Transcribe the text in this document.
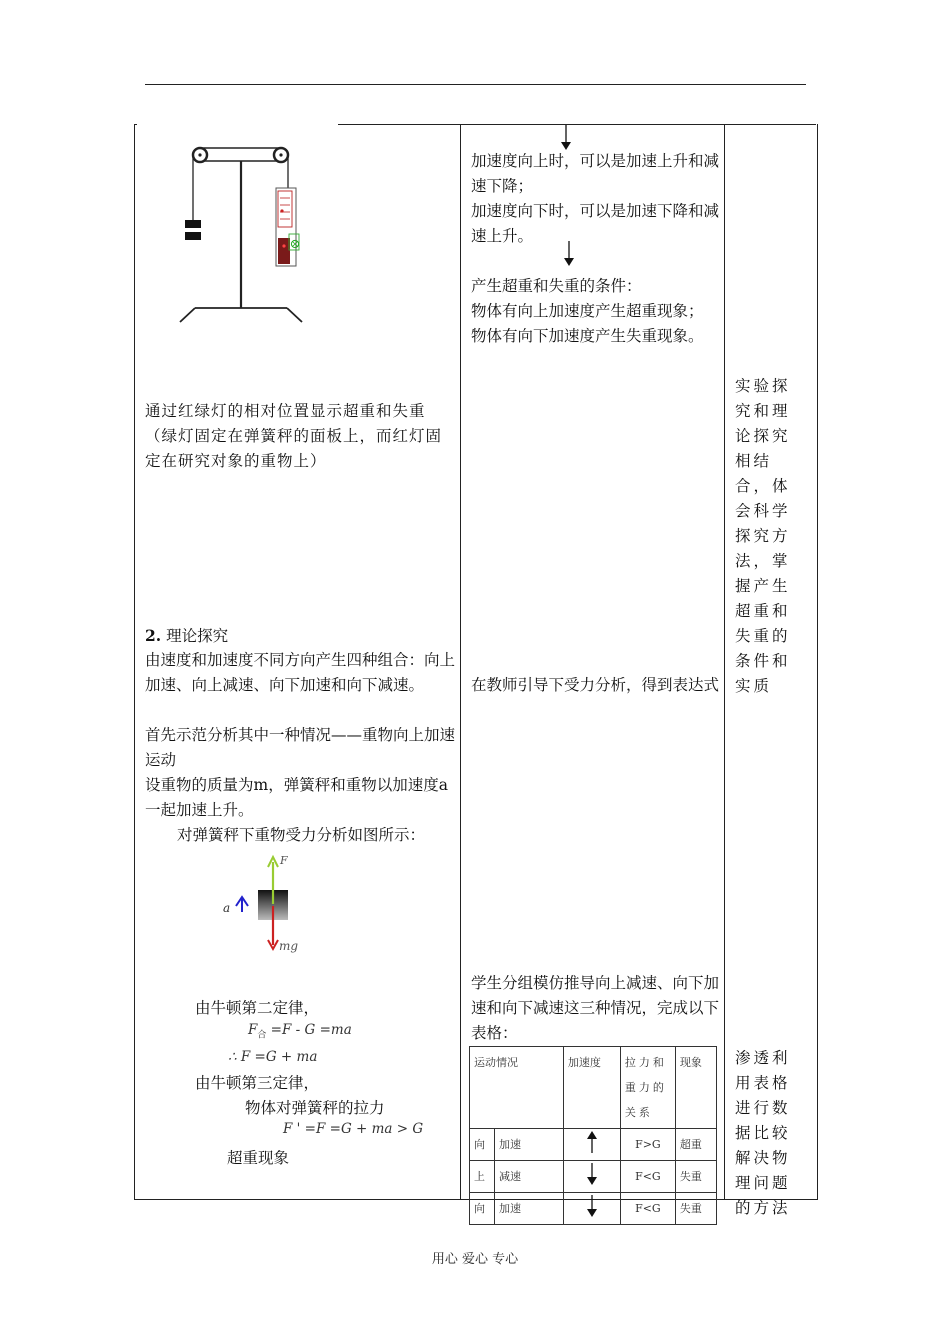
加速度向上时，可以是加速上升和减速下降；
加速度向下时，可以是加速下降和减速上升。
产生超重和失重的条件：
物体有向上加速度产生超重现象；
物体有向下加速度产生失重现象。
通过红绿灯的相对位置显示超重和失重（绿灯固定在弹簧秤的面板上，而红灯固定在研究对象的重物上）
实验探究和理论探究相结合，体会科学探究方法，掌握产生超重和失重的条件和实质
2. 理论探究
由速度和加速度不同方向产生四种组合：向上加速、向上减速、向下加速和向下减速。
首先示范分析其中一种情况——重物向上加速运动
设重物的质量为m，弹簧秤和重物以加速度a一起加速上升。
对弹簧秤下重物受力分析如图所示：
F
a
mg
由牛顿第二定律，
$F_合 =F - G =ma$
∴ F =G + ma
由牛顿第三定律，
物体对弹簧秤的拉力
F ' =F =G + ma > G
超重现象
在教师引导下受力分析，得到表达式
学生分组模仿推导向上减速、向下加速和向下减速这三种情况，完成以下表格：
运动情况		加速度	拉力和重力的关系	现象
向	加速		F>G	超重
上	减速		F<G	失重
向	加速		F<G	失重
渗透利用表格进行数据比较解决物理问题的方法
用心 爱心 专心
